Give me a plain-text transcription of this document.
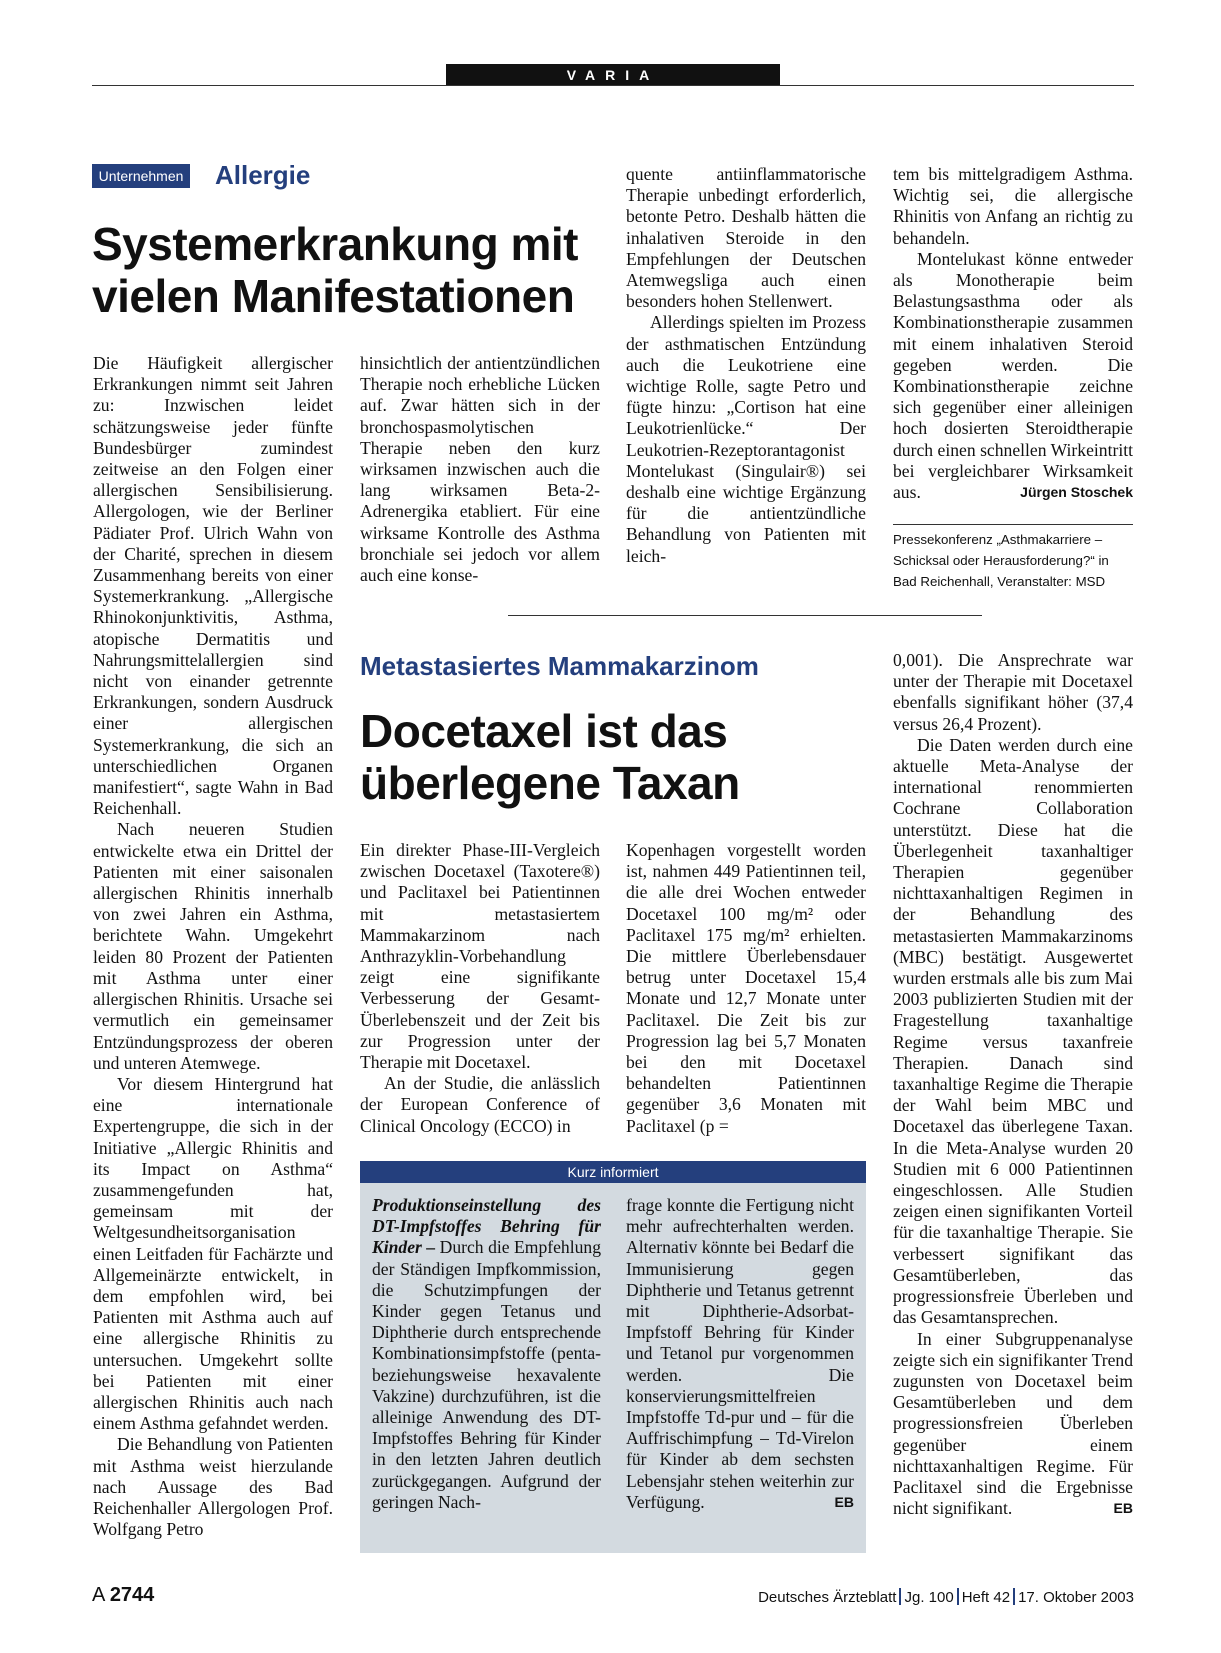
VARIA
Unternehmen Allergie
Systemerkrankung mit vielen Manifestationen

Die Häufigkeit allergischer Erkrankungen nimmt seit Jahren zu: Inzwischen leidet schätzungsweise jeder fünfte Bundesbürger zumindest zeitweise an den Folgen einer allergischen Sensibilisierung. Allergologen, wie der Berliner Pädiater Prof. Ulrich Wahn von der Charité, sprechen in diesem Zusammenhang bereits von einer Systemerkrankung. „Allergische Rhinokonjunktivitis, Asthma, atopische Dermatitis und Nahrungsmittelallergien sind nicht von einander getrennte Erkrankungen, sondern Ausdruck einer allergischen Systemerkrankung, die sich an unterschiedlichen Organen manifestiert“, sagte Wahn in Bad Reichenhall.

Nach neueren Studien entwickelte etwa ein Drittel der Patienten mit einer saisonalen allergischen Rhinitis innerhalb von zwei Jahren ein Asthma, berichtete Wahn. Umgekehrt leiden 80 Prozent der Patienten mit Asthma unter einer allergischen Rhinitis. Ursache sei vermutlich ein gemeinsamer Entzündungsprozess der oberen und unteren Atemwege.

Vor diesem Hintergrund hat eine internationale Expertengruppe, die sich in der Initiative „Allergic Rhinitis and its Impact on Asthma“ zusammengefunden hat, gemeinsam mit der Weltgesundheitsorganisation einen Leitfaden für Fachärzte und Allgemeinärzte entwickelt, in dem empfohlen wird, bei Patienten mit Asthma auch auf eine allergische Rhinitis zu untersuchen. Umgekehrt sollte bei Patienten mit einer allergischen Rhinitis auch nach einem Asthma gefahndet werden.

Die Behandlung von Patienten mit Asthma weist hierzulande nach Aussage des Bad Reichenhaller Allergologen Prof. Wolfgang Petro

hinsichtlich der antientzündlichen Therapie noch erhebliche Lücken auf. Zwar hätten sich in der bronchospasmolytischen Therapie neben den kurz wirksamen inzwischen auch die lang wirksamen Beta-2-Adrenergika etabliert. Für eine wirksame Kontrolle des Asthma bronchiale sei jedoch vor allem auch eine konse-

quente antiinflammatorische Therapie unbedingt erforderlich, betonte Petro. Deshalb hätten die inhalativen Steroide in den Empfehlungen der Deutschen Atemwegsliga auch einen besonders hohen Stellenwert.

Allerdings spielten im Prozess der asthmatischen Entzündung auch die Leukotriene eine wichtige Rolle, sagte Petro und fügte hinzu: „Cortison hat eine Leukotrienlücke.“ Der Leukotrien-Rezeptorantagonist Montelukast (Singulair®) sei deshalb eine wichtige Ergänzung für die antientzündliche Behandlung von Patienten mit leich-

tem bis mittelgradigem Asthma. Wichtig sei, die allergische Rhinitis von Anfang an richtig zu behandeln.

Montelukast könne entweder als Monotherapie beim Belastungsasthma oder als Kombinationstherapie zusammen mit einem inhalativen Steroid gegeben werden. Die Kombinationstherapie zeichne sich gegenüber einer alleinigen hoch dosierten Steroidtherapie durch einen schnellen Wirkeintritt bei vergleichbarer Wirksamkeit aus.	Jürgen Stoschek

Pressekonferenz „Asthmakarriere – Schicksal oder Herausforderung?“ in Bad Reichenhall, Veranstalter: MSD
Metastasiertes Mammakarzinom
Docetaxel ist das überlegene Taxan

Ein direkter Phase-III-Vergleich zwischen Docetaxel (Taxotere®) und Paclitaxel bei Patientinnen mit metastasiertem Mammakarzinom nach Anthrazyklin-Vorbehandlung zeigt eine signifikante Verbesserung der Gesamt-Überlebenszeit und der Zeit bis zur Progression unter der Therapie mit Docetaxel.

An der Studie, die anlässlich der European Conference of Clinical Oncology (ECCO) in

Kopenhagen vorgestellt worden ist, nahmen 449 Patientinnen teil, die alle drei Wochen entweder Docetaxel 100 mg/m² oder Paclitaxel 175 mg/m² erhielten. Die mittlere Überlebensdauer betrug unter Docetaxel 15,4 Monate und 12,7 Monate unter Paclitaxel. Die Zeit bis zur Progression lag bei 5,7 Monaten bei den mit Docetaxel behandelten Patientinnen gegenüber 3,6 Monaten mit Paclitaxel (p =

0,001). Die Ansprechrate war unter der Therapie mit Docetaxel ebenfalls signifikant höher (37,4 versus 26,4 Prozent).

Die Daten werden durch eine aktuelle Meta-Analyse der international renommierten Cochrane Collaboration unterstützt. Diese hat die Überlegenheit taxanhaltiger Therapien gegenüber nichttaxanhaltigen Regimen in der Behandlung des metastasierten Mammakarzinoms (MBC) bestätigt. Ausgewertet wurden erstmals alle bis zum Mai 2003 publizierten Studien mit der Fragestellung taxanhaltige Regime versus taxanfreie Therapien. Danach sind taxanhaltige Regime die Therapie der Wahl beim MBC und Docetaxel das überlegene Taxan. In die Meta-Analyse wurden 20 Studien mit 6 000 Patientinnen eingeschlossen. Alle Studien zeigen einen signifikanten Vorteil für die taxanhaltige Therapie. Sie verbessert signifikant das Gesamtüberleben, das progressionsfreie Überleben und das Gesamtansprechen.

In einer Subgruppenanalyse zeigte sich ein signifikanter Trend zugunsten von Docetaxel beim Gesamtüberleben und dem progressionsfreien Überleben gegenüber einem nichttaxanhaltigen Regime. Für Paclitaxel sind die Ergebnisse nicht signifikant.	EB

Kurz informiert

Produktionseinstellung des DT-Impfstoffes Behring für Kinder – Durch die Empfehlung der Ständigen Impfkommission, die Schutzimpfungen der Kinder gegen Tetanus und Diphtherie durch entsprechende Kombinationsimpfstoffe (penta- beziehungsweise hexavalente Vakzine) durchzuführen, ist die alleinige Anwendung des DT-Impfstoffes Behring für Kinder in den letzten Jahren deutlich zurückgegangen. Aufgrund der geringen Nach-

frage konnte die Fertigung nicht mehr aufrechterhalten werden. Alternativ könnte bei Bedarf die Immunisierung gegen Diphtherie und Tetanus getrennt mit Diphtherie-Adsorbat-Impfstoff Behring für Kinder und Tetanol pur vorgenommen werden. Die konservierungsmittelfreien Impfstoffe Td-pur und – für die Auffrischimpfung – Td-Virelon für Kinder ab dem sechsten Lebensjahr stehen weiterhin zur Verfügung.	EB

A 2744	Deutsches Ärzteblatt Jg. 100 Heft 42 17. Oktober 2003
